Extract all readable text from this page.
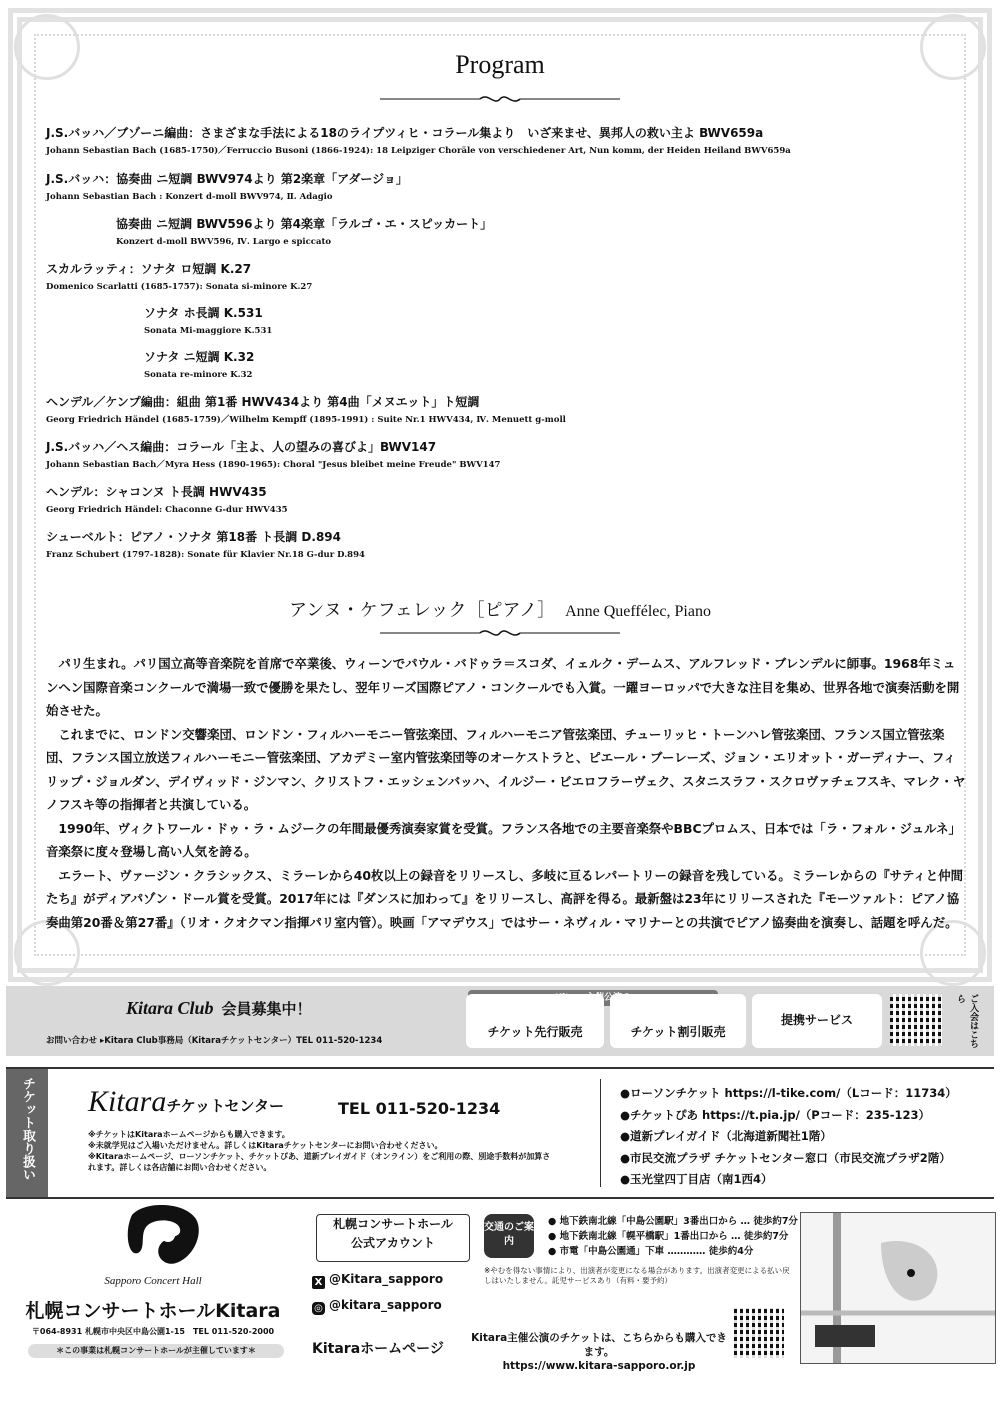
Program
J.S.バッハ／ブゾーニ編曲：さまざまな手法による18のライプツィヒ・コラール集より　いざ来ませ、異邦人の救い主よ BWV659a
Johann Sebastian Bach (1685-1750)／Ferruccio Busoni (1866-1924): 18 Leipziger Choräle von verschiedener Art, Nun komm, der Heiden Heiland BWV659a
J.S.バッハ：協奏曲 ニ短調 BWV974より 第2楽章「アダージョ」
Johann Sebastian Bach : Konzert d-moll BWV974, Ⅱ. Adagio
協奏曲 ニ短調 BWV596より 第4楽章「ラルゴ・エ・スピッカート」
Konzert d-moll BWV596, Ⅳ. Largo e spiccato
スカルラッティ：ソナタ ロ短調 K.27
Domenico Scarlatti (1685-1757): Sonata si-minore K.27
ソナタ ホ長調 K.531
Sonata Mi-maggiore K.531
ソナタ ニ短調 K.32
Sonata re-minore K.32
ヘンデル／ケンプ編曲：組曲 第1番 HWV434より 第4曲「メヌエット」ト短調
Georg Friedrich Händel (1685-1759)／Wilhelm Kempff (1895-1991) : Suite Nr.1 HWV434, Ⅳ. Menuett g-moll
J.S.バッハ／ヘス編曲：コラール「主よ、人の望みの喜びよ」BWV147
Johann Sebastian Bach／Myra Hess (1890-1965): Choral "Jesus bleibet meine Freude" BWV147
ヘンデル：シャコンヌ ト長調 HWV435
Georg Friedrich Händel: Chaconne G-dur HWV435
シューベルト：ピアノ・ソナタ 第18番 ト長調 D.894
Franz Schubert (1797-1828): Sonate für Klavier Nr.18 G-dur D.894
アンヌ・ケフェレック［ピアノ］ Anne Queffélec, Piano

パリ生まれ。パリ国立高等音楽院を首席で卒業後、ウィーンでパウル・バドゥラ＝スコダ、イェルク・デームス、アルフレッド・ブレンデルに師事。1968年ミュンヘン国際音楽コンクールで満場一致で優勝を果たし、翌年リーズ国際ピアノ・コンクールでも入賞。一躍ヨーロッパで大きな注目を集め、世界各地で演奏活動を開始させた。

これまでに、ロンドン交響楽団、ロンドン・フィルハーモニー管弦楽団、フィルハーモニア管弦楽団、チューリッヒ・トーンハレ管弦楽団、フランス国立管弦楽団、フランス国立放送フィルハーモニー管弦楽団、アカデミー室内管弦楽団等のオーケストラと、ピエール・ブーレーズ、ジョン・エリオット・ガーディナー、フィリップ・ジョルダン、デイヴィッド・ジンマン、クリストフ・エッシェンバッハ、イルジー・ビエロフラーヴェク、スタニスラフ・スクロヴァチェフスキ、マレク・ヤノフスキ等の指揮者と共演している。

1990年、ヴィクトワール・ドゥ・ラ・ムジークの年間最優秀演奏家賞を受賞。フランス各地での主要音楽祭やBBCプロムス、日本では「ラ・フォル・ジュルネ」音楽祭に度々登場し高い人気を誇る。

エラート、ヴァージン・クラシックス、ミラーレから40枚以上の録音をリリースし、多岐に亘るレパートリーの録音を残している。ミラーレからの『サティと仲間たち』がディアパゾン・ドール賞を受賞。2017年には『ダンスに加わって』をリリースし、高評を得る。最新盤は23年にリリースされた『モーツァルト：ピアノ協奏曲第20番＆第27番』（リオ・クオクマン指揮パリ室内管）。映画「アマデウス」ではサー・ネヴィル・マリナーとの共演でピアノ協奏曲を演奏し、話題を呼んだ。

Kitara Club 会員募集中！
お問い合わせ ▸Kitara Club事務局（Kitaraチケットセンター）TEL 011-520-1234
チケット先行販売	チケット割引販売
提携サービス	ご入会はこちら
チケット取り扱い Kitaraチケットセンター	TEL 011-520-1234
※チケットはKitaraホームページからも購入できます。
※未就学児はご入場いただけません。詳しくはKitaraチケットセンターにお問い合わせください。
※Kitaraホームページ、ローソンチケット、チケットぴあ、道新プレイガイド（オンライン）をご利用の際、別途手数料が加算されます。詳しくは各店舗にお問い合わせください。
●ローソンチケット https://l-tike.com/（Lコード：11734）
●チケットぴあ https://t.pia.jp/（Pコード：235-123）
●道新プレイガイド（北海道新聞社1階）
●市民交流プラザ チケットセンター窓口（市民交流プラザ2階）
●玉光堂四丁目店（南1西4）
Sapporo Concert Hall
札幌コンサートホールKitara
〒064-8931 札幌市中央区中島公園1-15　TEL 011-520-2000
＊この事業は札幌コンサートホールが主催しています＊
札幌コンサートホール
公式アカウント
X @Kitara_sapporo
◎ @kitara_sapporo
Kitaraホームページ
交通のご案内
● 地下鉄南北線「中島公園駅」3番出口から … 徒歩約7分
● 地下鉄南北線「幌平橋駅」1番出口から … 徒歩約7分
● 市電「中島公園通」下車 ………… 徒歩約4分
※やむを得ない事情により、出演者が変更になる場合があります。出演者変更による払い戻しはいたしません。託児サービスあり（有料・要予約）
Kitara主催公演のチケットは、こちらからも購入できます。
https://www.kitara-sapporo.or.jp
